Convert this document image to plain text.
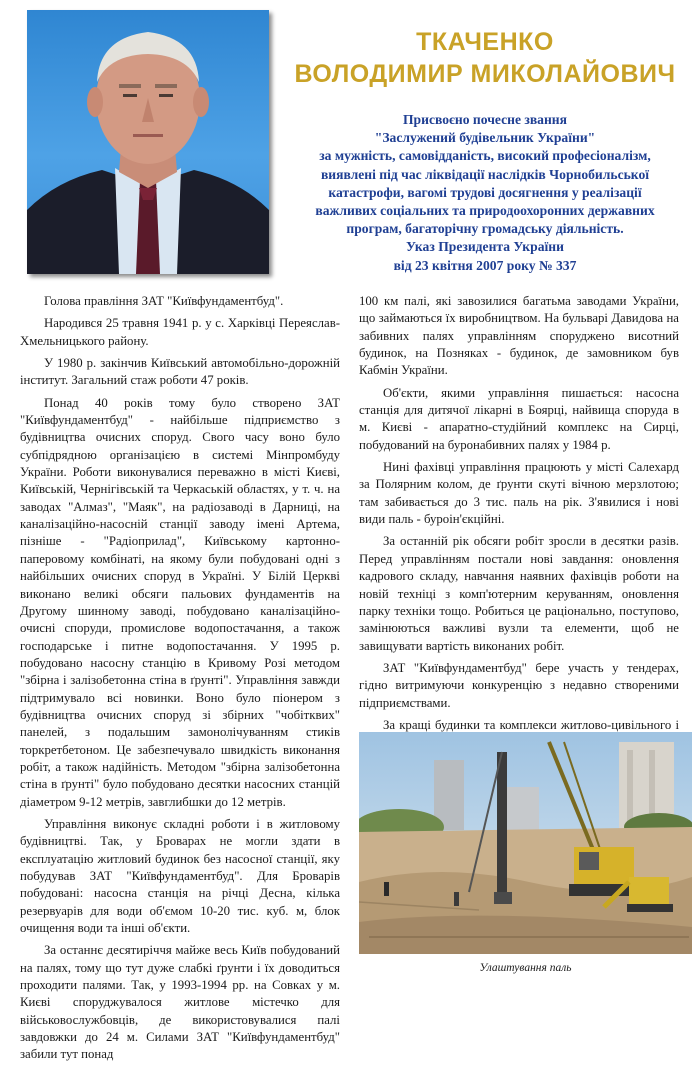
ТКАЧЕНКО
ВОЛОДИМИР МИКОЛАЙОВИЧ
Присвоєно почесне звання
"Заслужений будівельник України"
за мужність, самовідданість, високий професіоналізм,
виявлені під час ліквідації наслідків Чорнобильської
катастрофи, вагомі трудові досягнення у реалізації
важливих соціальних та природоохоронних державних
програм, багаторічну громадську діяльність.
Указ Президента України
від 23 квітня 2007 року № 337

Голова правління ЗАТ "Київфундаментбуд".

Народився 25 травня 1941 р. у с. Харківці Переяслав-Хмельницького району.

У 1980 р. закінчив Київський автомобільно-дорожній інститут. Загальний стаж роботи 47 років.

Понад 40 років тому було створено ЗАТ "Київфундаментбуд" - найбільше підприємство з будівництва очисних споруд. Свого часу воно було субпідрядною організацією в системі Мінпромбуду України. Роботи виконувалися переважно в місті Києві, Київській, Чернігівській та Черкаській областях, у т. ч. на заводах "Алмаз", "Маяк", на радіозаводі в Дарниці, на каналізаційно-насосній станції заводу імені Артема, пізніше - "Радіоприлад", Київському картонно-паперовому комбінаті, на якому були побудовані одні з найбільших очисних споруд в Україні. У Білій Церкві виконано великі обсяги пальових фундаментів на Другому шинному заводі, побудовано каналізаційно-очисні споруди, промислове водопостачання, а також господарське і питне водопостачання. У 1995 р. побудовано насосну станцію в Кривому Розі методом "збірна і залізобетонна стіна в ґрунті". Управління завжди підтримувало всі новинки. Воно було піонером з будівництва очисних споруд зі збірних "чобітквих" панелей, з подальшим замонолічуванням стиків торкретбетоном. Це забезпечувало швидкість виконання робіт, а також надійність. Методом "збірна залізобетонна стіна в ґрунті" було побудовано десятки насосних станцій діаметром 9-12 метрів, завглибшки до 12 метрів.

Управління виконує складні роботи і в житловому будівництві. Так, у Броварах не могли здати в експлуатацію житловий будинок без насосної станції, яку побудував ЗАТ "Київфундаментбуд". Для Броварів побудовані: насосна станція на річці Десна, кілька резервуарів для води об'ємом 10-20 тис. куб. м, блок очищення води та інші об'єкти.

За останнє десятиріччя майже весь Київ побудований на палях, тому що тут дуже слабкі ґрунти і їх доводиться проходити палями. Так, у 1993-1994 рр. на Совках у м. Києві споруджувалося житлове містечко для військовослужбовців, де використовувалися палі завдовжки до 24 м. Силами ЗАТ "Київфундаментбуд" забили тут понад

100 км палі, які завозилися багатьма заводами України, що займаються їх виробництвом. На бульварі Давидова на забивних палях управлінням споруджено висотний будинок, на Позняках - будинок, де замовником був Кабмін України.

Об'єкти, якими управління пишається: насосна станція для дитячої лікарні в Боярці, найвища споруда в м. Києві - апаратно-студійний комплекс на Сирці, побудований на буронабивних палях у 1984 р.

Нині фахівці управління працюють у місті Салехард за Полярним колом, де ґрунти скуті вічною мерзлотою; там забивається до 3 тис. паль на рік. З'явилися і нові види паль - буроін'єкційні.

За останній рік обсяги робіт зросли в десятки разів. Перед управлінням постали нові завдання: оновлення кадрового складу, навчання наявних фахівців роботи на новій техніці з комп'ютерним керуванням, оновлення парку техніки тощо. Робиться це раціонально, поступово, замінюються важливі вузли та елементи, щоб не завищувати вартість виконаних робіт.

ЗАТ "Київфундаментбуд" бере участь у тендерах, гідно витримуючи конкуренцію з недавно створеними підприємствами.

За кращі будинки та комплекси житлово-цивільного і

Улаштування паль
